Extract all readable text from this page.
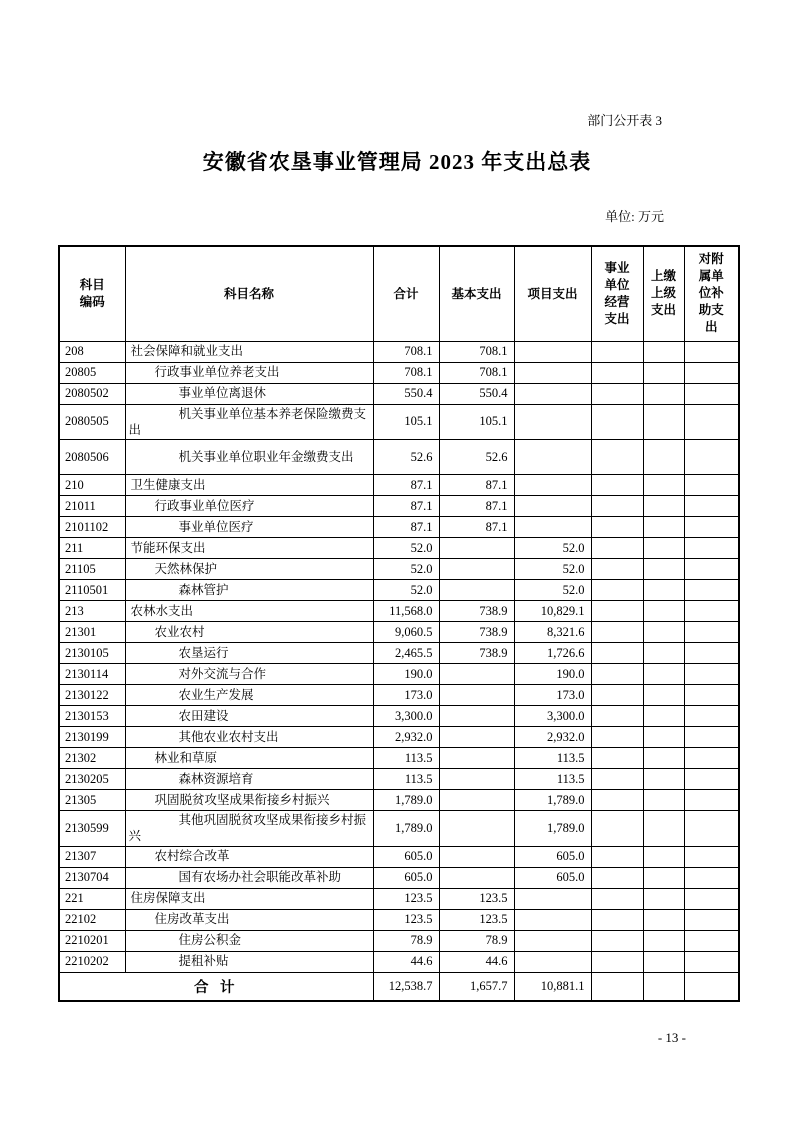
部门公开表 3
安徽省农垦事业管理局 2023 年支出总表
单位: 万元
科目编码	科目名称	合计	基本支出	项目支出	事业单位经营支出	上缴上级支出	对附属单位补助支出
208	社会保障和就业支出	708.1	708.1				
20805	行政事业单位养老支出	708.1	708.1				
2080502	事业单位离退休	550.4	550.4				
2080505	机关事业单位基本养老保险缴费支出	105.1	105.1				
2080506	机关事业单位职业年金缴费支出	52.6	52.6				
210	卫生健康支出	87.1	87.1				
21011	行政事业单位医疗	87.1	87.1				
2101102	事业单位医疗	87.1	87.1				
211	节能环保支出	52.0		52.0			
21105	天然林保护	52.0		52.0			
2110501	森林管护	52.0		52.0			
213	农林水支出	11,568.0	738.9	10,829.1			
21301	农业农村	9,060.5	738.9	8,321.6			
2130105	农垦运行	2,465.5	738.9	1,726.6			
2130114	对外交流与合作	190.0		190.0			
2130122	农业生产发展	173.0		173.0			
2130153	农田建设	3,300.0		3,300.0			
2130199	其他农业农村支出	2,932.0		2,932.0			
21302	林业和草原	113.5		113.5			
2130205	森林资源培育	113.5		113.5			
21305	巩固脱贫攻坚成果衔接乡村振兴	1,789.0		1,789.0			
2130599	其他巩固脱贫攻坚成果衔接乡村振兴	1,789.0		1,789.0			
21307	农村综合改革	605.0		605.0			
2130704	国有农场办社会职能改革补助	605.0		605.0			
221	住房保障支出	123.5	123.5				
22102	住房改革支出	123.5	123.5				
2210201	住房公积金	78.9	78.9				
2210202	提租补贴	44.6	44.6				
合 计		12,538.7	1,657.7	10,881.1			
- 13 -
